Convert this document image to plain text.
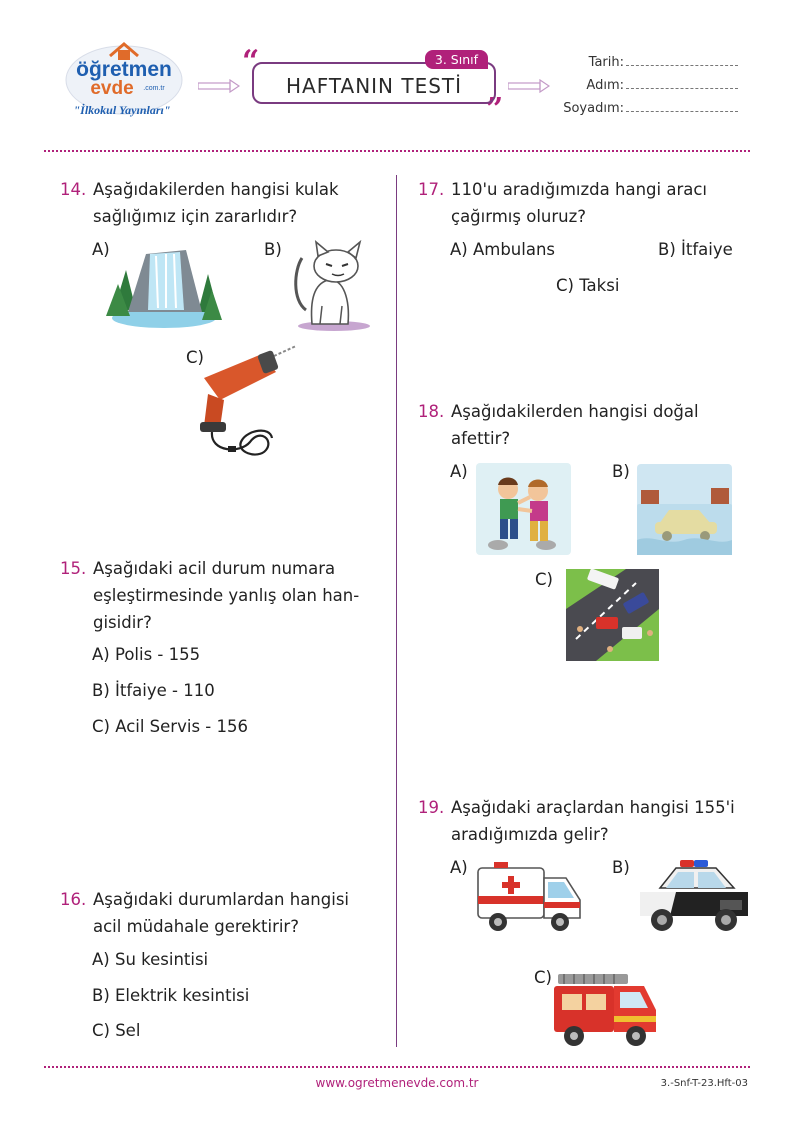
öğretmen
evde .com.tr
"İlkokul Yayınları"
“
”
3. Sınıf
HAFTANIN TESTİ
Tarih:
Adım:
Soyadım:
14. Aşağıdakilerden hangisi kulak
sağlığımız için zararlıdır?
A)	B)
C)
15. Aşağıdaki acil durum numara
eşleştirmesinde yanlış olan han-
gisidir?
A) Polis - 155
B) İtfaiye - 110
C) Acil Servis - 156
16. Aşağıdaki durumlardan hangisi
acil müdahale gerektirir?
A) Su kesintisi
B) Elektrik kesintisi
C) Sel
17. 110'u aradığımızda hangi aracı
çağırmış oluruz?
A) Ambulans	B) İtfaiye
C) Taksi
18. Aşağıdakilerden hangisi doğal
afettir?
A)	B)
C)
19. Aşağıdaki araçlardan hangisi 155'i
aradığımızda gelir?
A)	B)
C)
www.ogretmenevde.com.tr	3.-Snf-T-23.Hft-03
